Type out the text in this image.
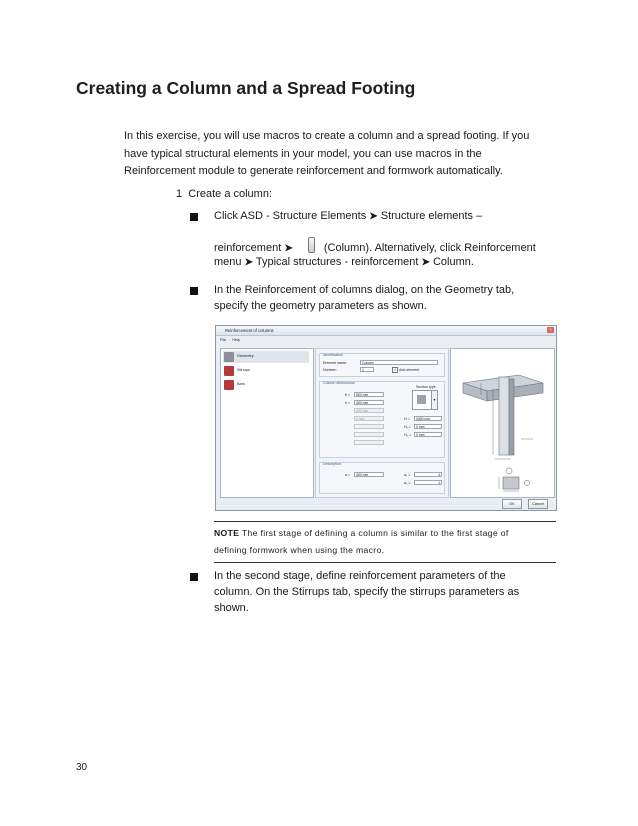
Creating a Column and a Spread Footing
In this exercise, you will use macros to create a column and a spread footing. If you
have typical structural elements in your model, you can use macros in the
Reinforcement module to generate reinforcement and formwork automatically.
1 Create a column:
Click ASD - Structure Elements ➤ Structure elements –
reinforcement ➤	(Column). Alternatively, click Reinforcement
menu ➤ Typical structures - reinforcement ➤ Column.
In the Reinforcement of columns dialog, on the Geometry tab,
specify the geometry parameters as shown.
Reinforcement of columns	×
File Help
Geometry
Stirrups
Bars
Identification
Element name:	Column
Number:	1	✓ Add element
Column dimensions
b =	500 mm
h =	400 mm
400 mm
0 mm
Section type
▾
H =	3400 mm
H₁ =	0 mm
H₂ =	0 mm
Description
a =	400 mm	d₁ =	4
d₂ =	1
OK	Cancel
NOTE The first stage of defining a column is similar to the first stage of
defining formwork when using the macro.
In the second stage, define reinforcement parameters of the
column. On the Stirrups tab, specify the stirrups parameters as
shown.
30
